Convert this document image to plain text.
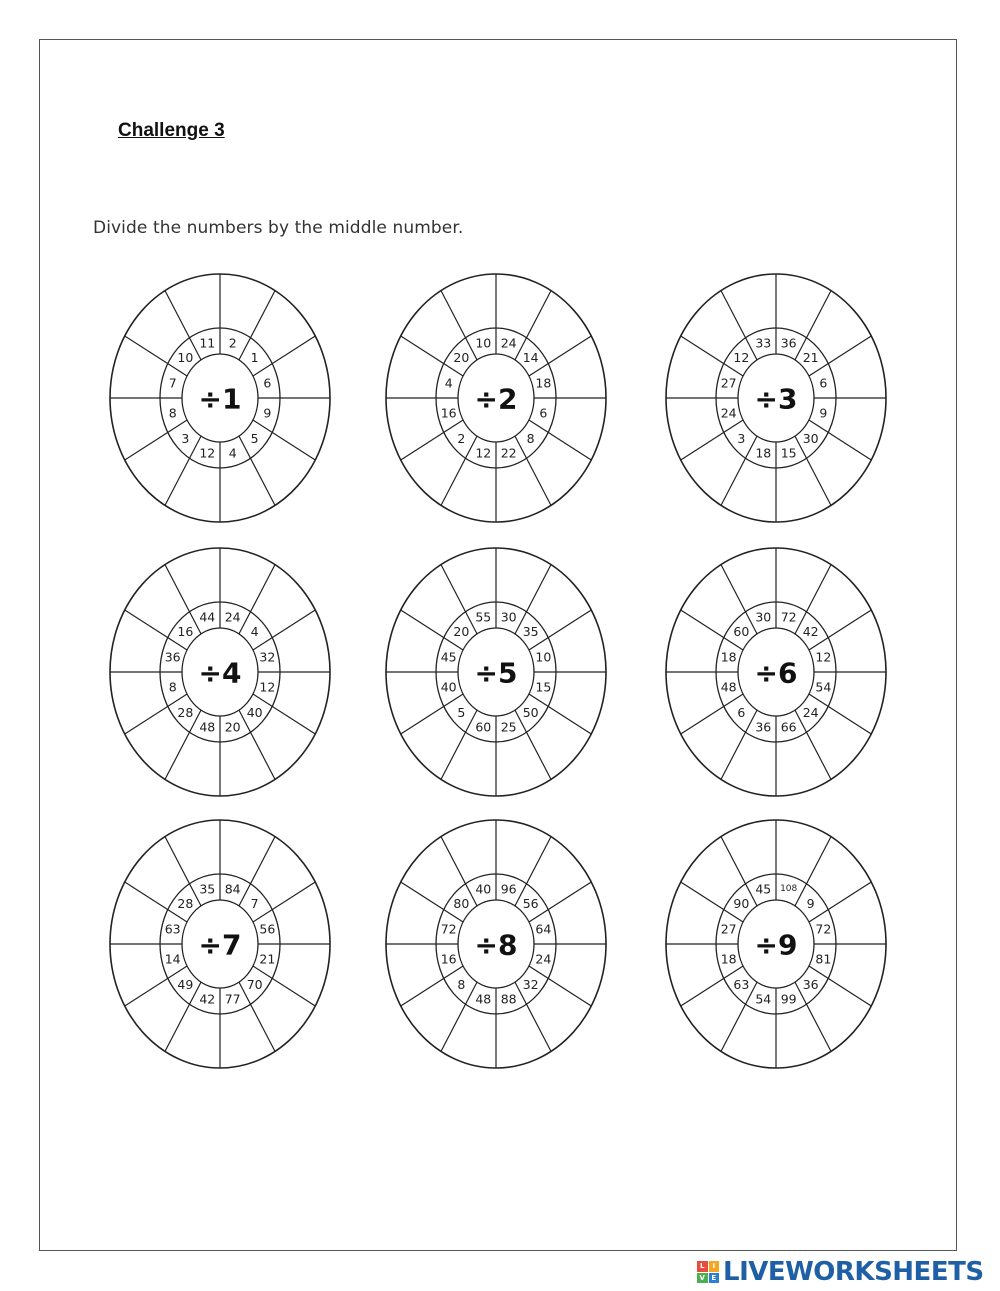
Challenge 3
Divide the numbers by the middle number.
2
1
6
9
5
4
12
3
8
7
10
11
÷1
24
14
18
6
8
22
12
2
16
4
20
10
÷2
36
21
6
9
30
15
18
3
24
27
12
33
÷3
24
4
32
12
40
20
48
28
8
36
16
44
÷4
30
35
10
15
50
25
60
5
40
45
20
55
÷5
72
42
12
54
24
66
36
6
48
18
60
30
÷6
84
7
56
21
70
77
42
49
14
63
28
35
÷7
96
56
64
24
32
88
48
8
16
72
80
40
÷8
108
9
72
81
36
99
54
63
18
27
90
45
÷9
L	I
V E LIVEWORKSHEETS
